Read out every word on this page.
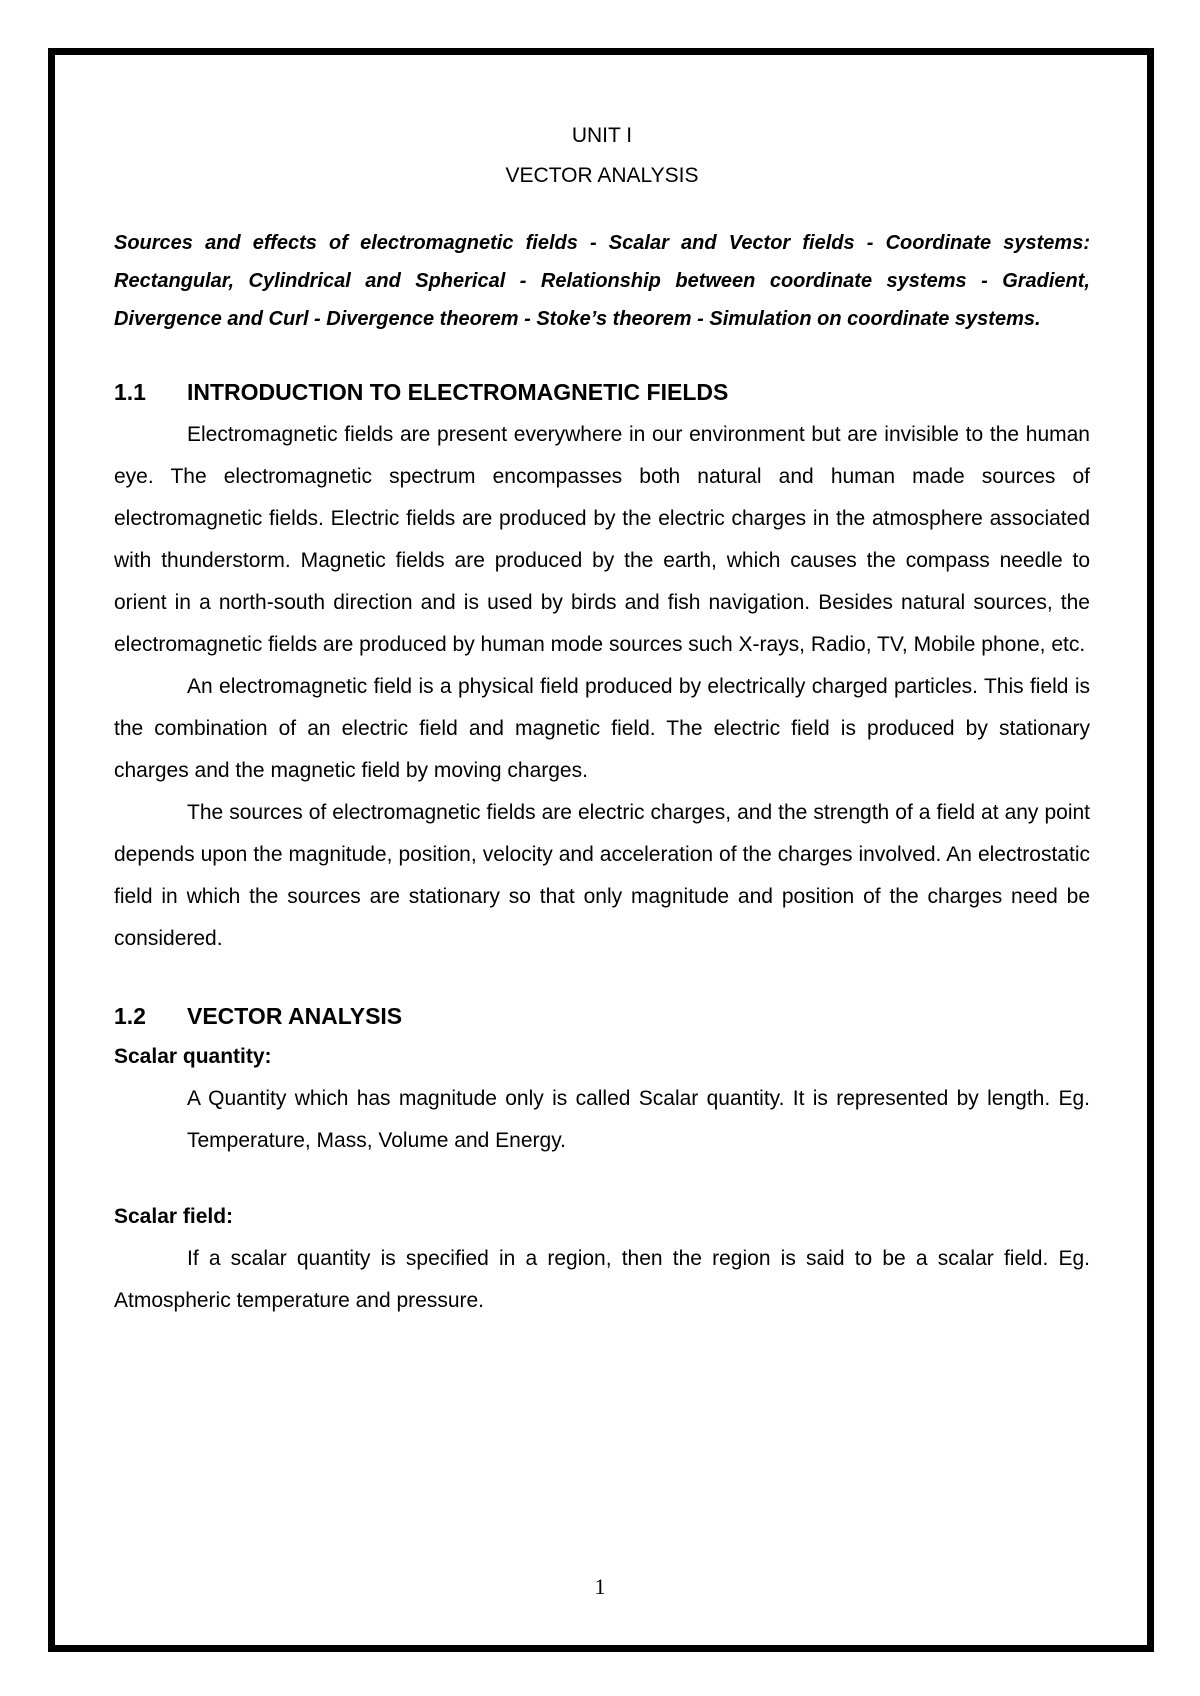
UNIT I
VECTOR ANALYSIS
Sources and effects of electromagnetic fields - Scalar and Vector fields - Coordinate systems: Rectangular, Cylindrical and Spherical - Relationship between coordinate systems - Gradient, Divergence and Curl - Divergence theorem - Stoke’s theorem - Simulation on coordinate systems.
1.1	INTRODUCTION TO ELECTROMAGNETIC FIELDS

Electromagnetic fields are present everywhere in our environment but are invisible to the human eye. The electromagnetic spectrum encompasses both natural and human made sources of electromagnetic fields. Electric fields are produced by the electric charges in the atmosphere associated with thunderstorm. Magnetic fields are produced by the earth, which causes the compass needle to orient in a north-south direction and is used by birds and fish navigation. Besides natural sources, the electromagnetic fields are produced by human mode sources such X-rays, Radio, TV, Mobile phone, etc.

An electromagnetic field is a physical field produced by electrically charged particles. This field is the combination of an electric field and magnetic field. The electric field is produced by stationary charges and the magnetic field by moving charges.

The sources of electromagnetic fields are electric charges, and the strength of a field at any point depends upon the magnitude, position, velocity and acceleration of the charges involved. An electrostatic field in which the sources are stationary so that only magnitude and position of the charges need be considered.

1.2	VECTOR ANALYSIS
Scalar quantity:

A Quantity which has magnitude only is called Scalar quantity. It is represented by length. Eg. Temperature, Mass, Volume and Energy.

Scalar field:

If a scalar quantity is specified in a region, then the region is said to be a scalar field. Eg. Atmospheric temperature and pressure.

1
